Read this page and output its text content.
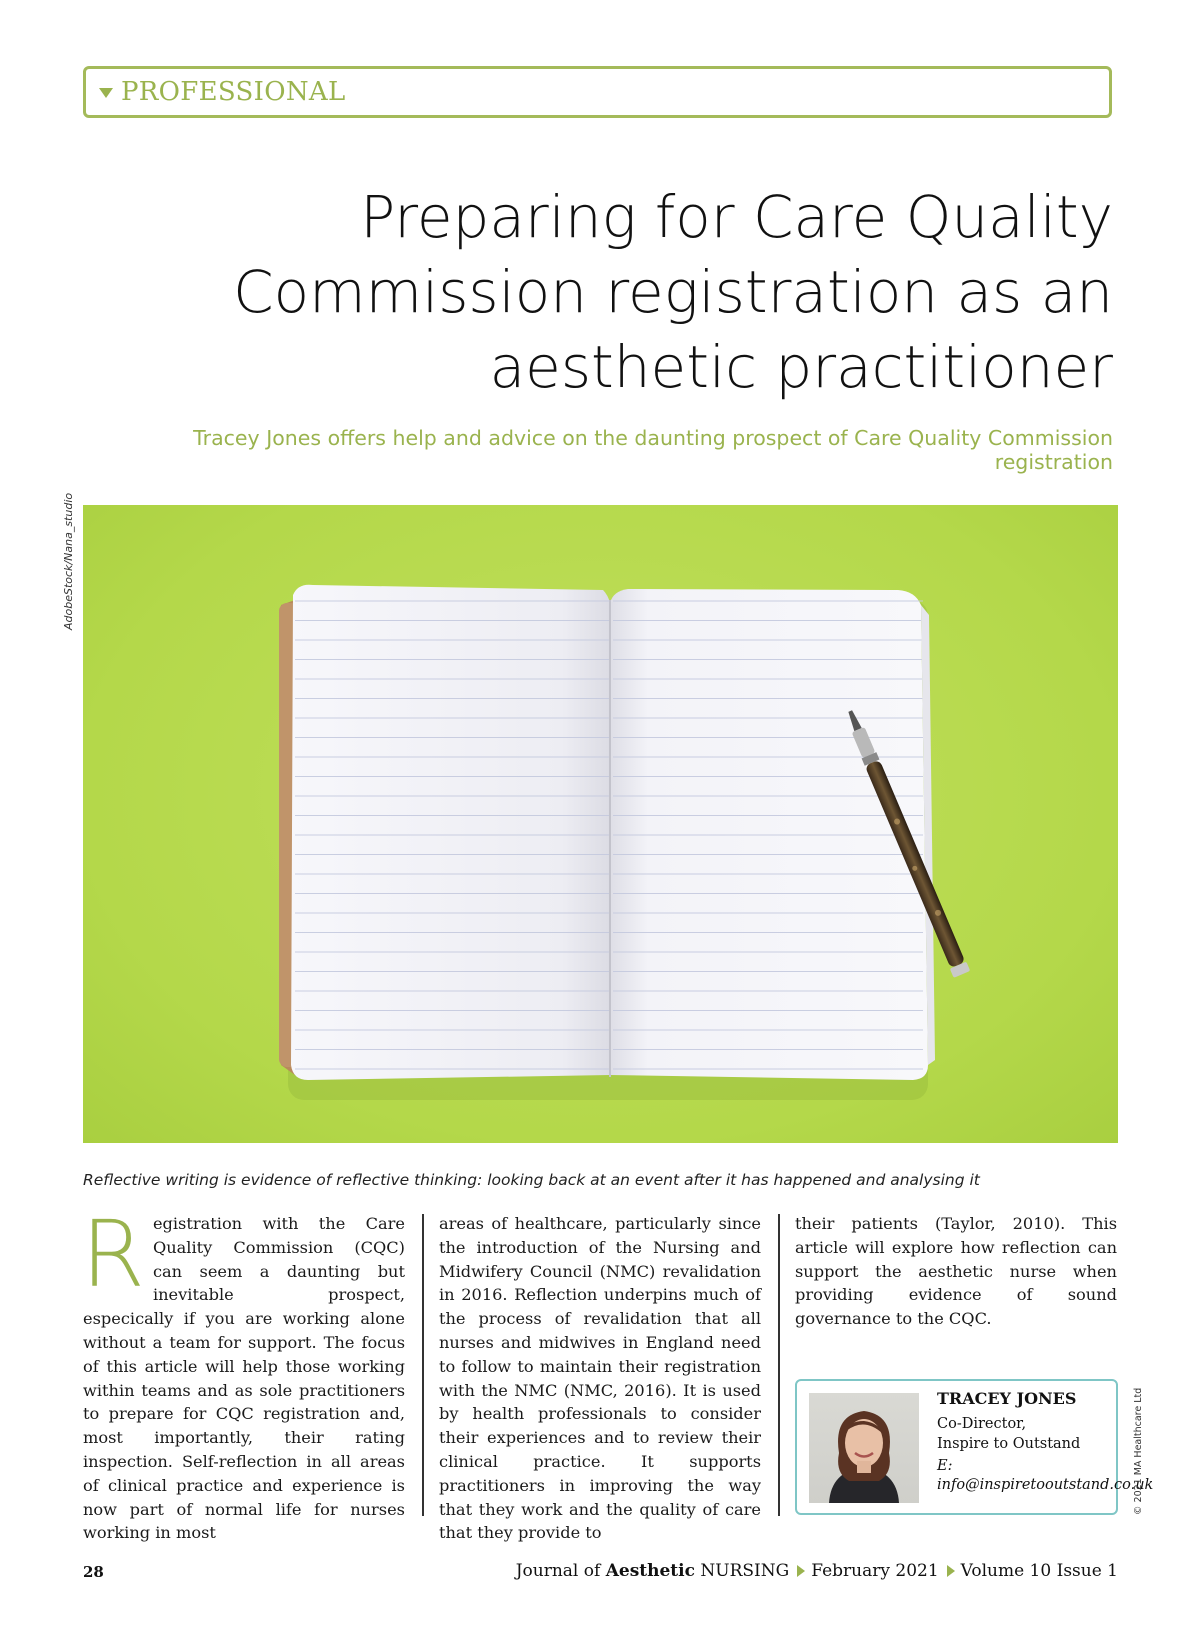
PROFESSIONAL
Preparing for Care Quality
Commission registration as an
aesthetic practitioner
Tracey Jones offers help and advice on the daunting prospect of Care Quality Commission registration
AdobeStock/Nana_studio
Reflective writing is evidence of reflective thinking: looking back at an event after it has happened and analysing it
Registration with the Care Quality Commission (CQC) can seem a daunting but inevitable prospect, especically if you are working alone without a team for support. The focus of this article will help those working within teams and as sole practitioners to prepare for CQC registration and, most importantly, their rating inspection. Self-reflection in all areas of clinical practice and experience is now part of normal life for nurses working in most
areas of healthcare, particularly since the introduction of the Nursing and Midwifery Council (NMC) revalidation in 2016. Reflection underpins much of the process of revalidation that all nurses and midwives in England need to follow to maintain their registration with the NMC (NMC, 2016). It is used by health professionals to consider their experiences and to review their clinical practice. It supports practitioners in improving the way that they work and the quality of care that they provide to
their patients (Taylor, 2010). This article will explore how reflection can support the aesthetic nurse when providing evidence of sound governance to the CQC.
TRACEY JONES
Co-Director,
Inspire to Outstand
E: info@inspiretooutstand.co.uk
© 2021 MA Healthcare Ltd
28	Journal of
Aesthetic
NURSING February 2021 Volume 10 Issue 1
